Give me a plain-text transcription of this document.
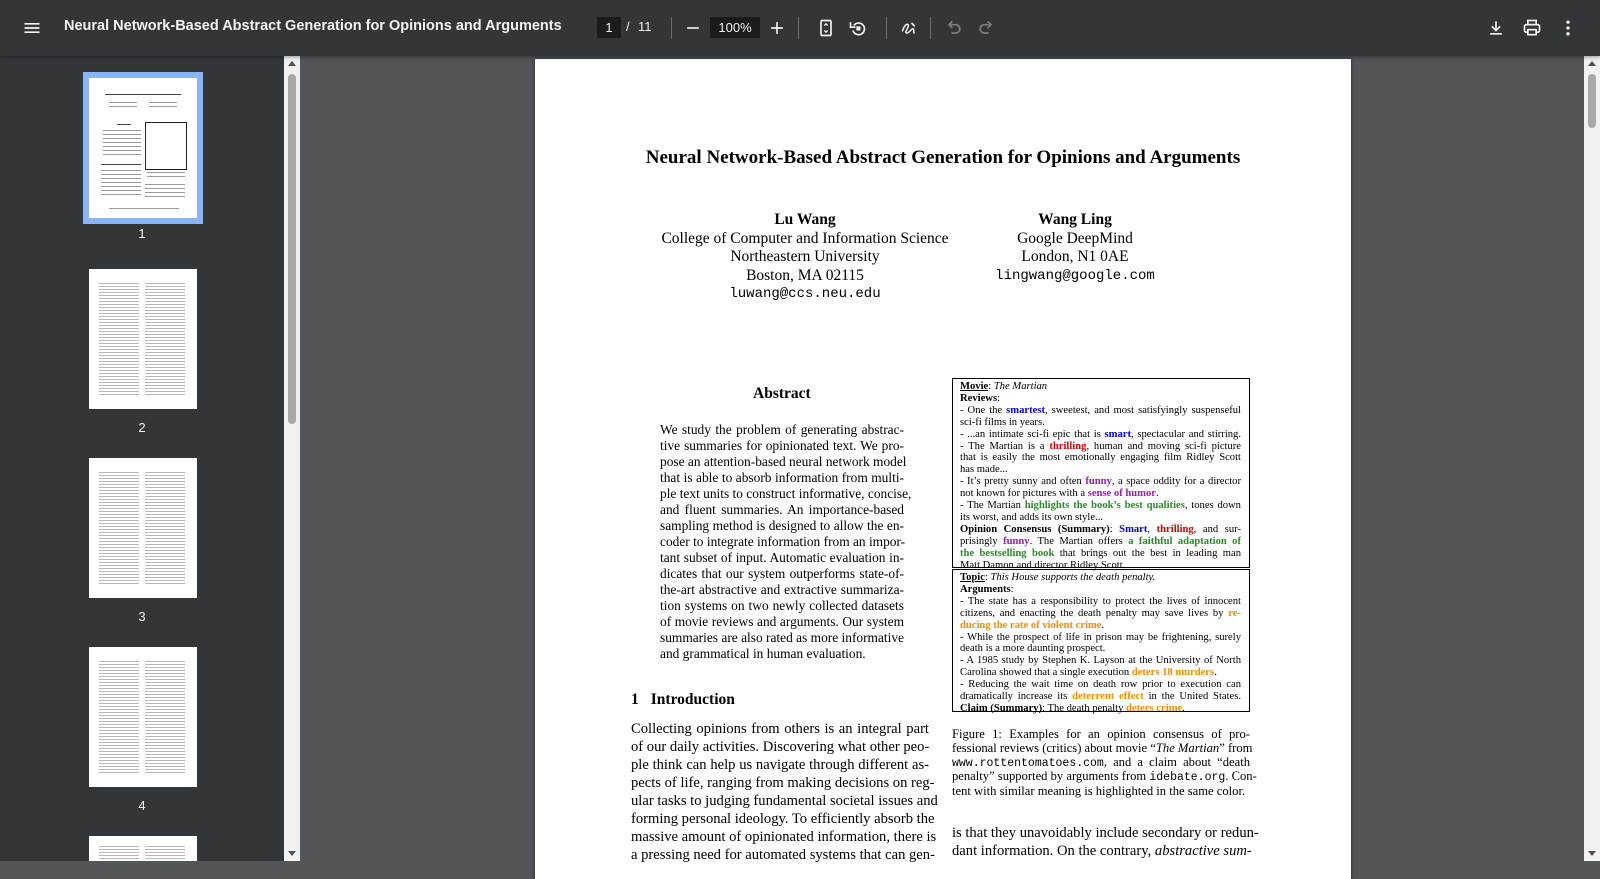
Neural Network-Based Abstract Generation for Opinions and Arguments	1	/ 11	100%
1
2
3
4
Neural Network-Based Abstract Generation for Opinions and Arguments
Lu Wang
College of Computer and Information Science
Northeastern University
Boston, MA 02115
luwang@ccs.neu.edu
Wang Ling
Google DeepMind
London, N1 0AE
lingwang@google.com
Abstract
We study the problem of generating abstrac-
tive summaries for opinionated text. We pro-
pose an attention-based neural network model
that is able to absorb information from multi-
ple text units to construct informative, concise,
and fluent summaries. An importance-based
sampling method is designed to allow the en-
coder to integrate information from an impor-
tant subset of input. Automatic evaluation in-
dicates that our system outperforms state-of-
the-art abstractive and extractive summariza-
tion systems on two newly collected datasets
of movie reviews and arguments. Our system
summaries are also rated as more informative
and grammatical in human evaluation.
1 Introduction
Collecting opinions from others is an integral part
of our daily activities. Discovering what other peo-
ple think can help us navigate through different as-
pects of life, ranging from making decisions on reg-
ular tasks to judging fundamental societal issues and
forming personal ideology. To efficiently absorb the
massive amount of opinionated information, there is
a pressing need for automated systems that can gen-
Movie: The Martian
Reviews:
- One the smartest, sweetest, and most satisfyingly suspenseful
sci-fi films in years.
- ...an intimate sci-fi epic that is smart, spectacular and stirring.
- The Martian is a thrilling, human and moving sci-fi picture
that is easily the most emotionally engaging film Ridley Scott
has made...
- It’s pretty sunny and often funny, a space oddity for a director
not known for pictures with a sense of humor.
- The Martian highlights the book’s best qualities, tones down
its worst, and adds its own style...
Opinion Consensus (Summary): Smart, thrilling, and sur-
prisingly funny. The Martian offers a faithful adaptation of
the bestselling book that brings out the best in leading man
Matt Damon and director Ridley Scott.
Topic: This House supports the death penalty.
Arguments:
- The state has a responsibility to protect the lives of innocent
citizens, and enacting the death penalty may save lives by re-
ducing the rate of violent crime.
- While the prospect of life in prison may be frightening, surely
death is a more daunting prospect.
- A 1985 study by Stephen K. Layson at the University of North
Carolina showed that a single execution deters 18 murders.
- Reducing the wait time on death row prior to execution can
dramatically increase its deterrent effect in the United States.
Claim (Summary): The death penalty deters crime.
Figure 1: Examples for an opinion consensus of pro-
fessional reviews (critics) about movie “The Martian” from
www.rottentomatoes.com, and a claim about “death
penalty” supported by arguments from idebate.org. Con-
tent with similar meaning is highlighted in the same color.
is that they unavoidably include secondary or redun-
dant information. On the contrary, abstractive sum-
